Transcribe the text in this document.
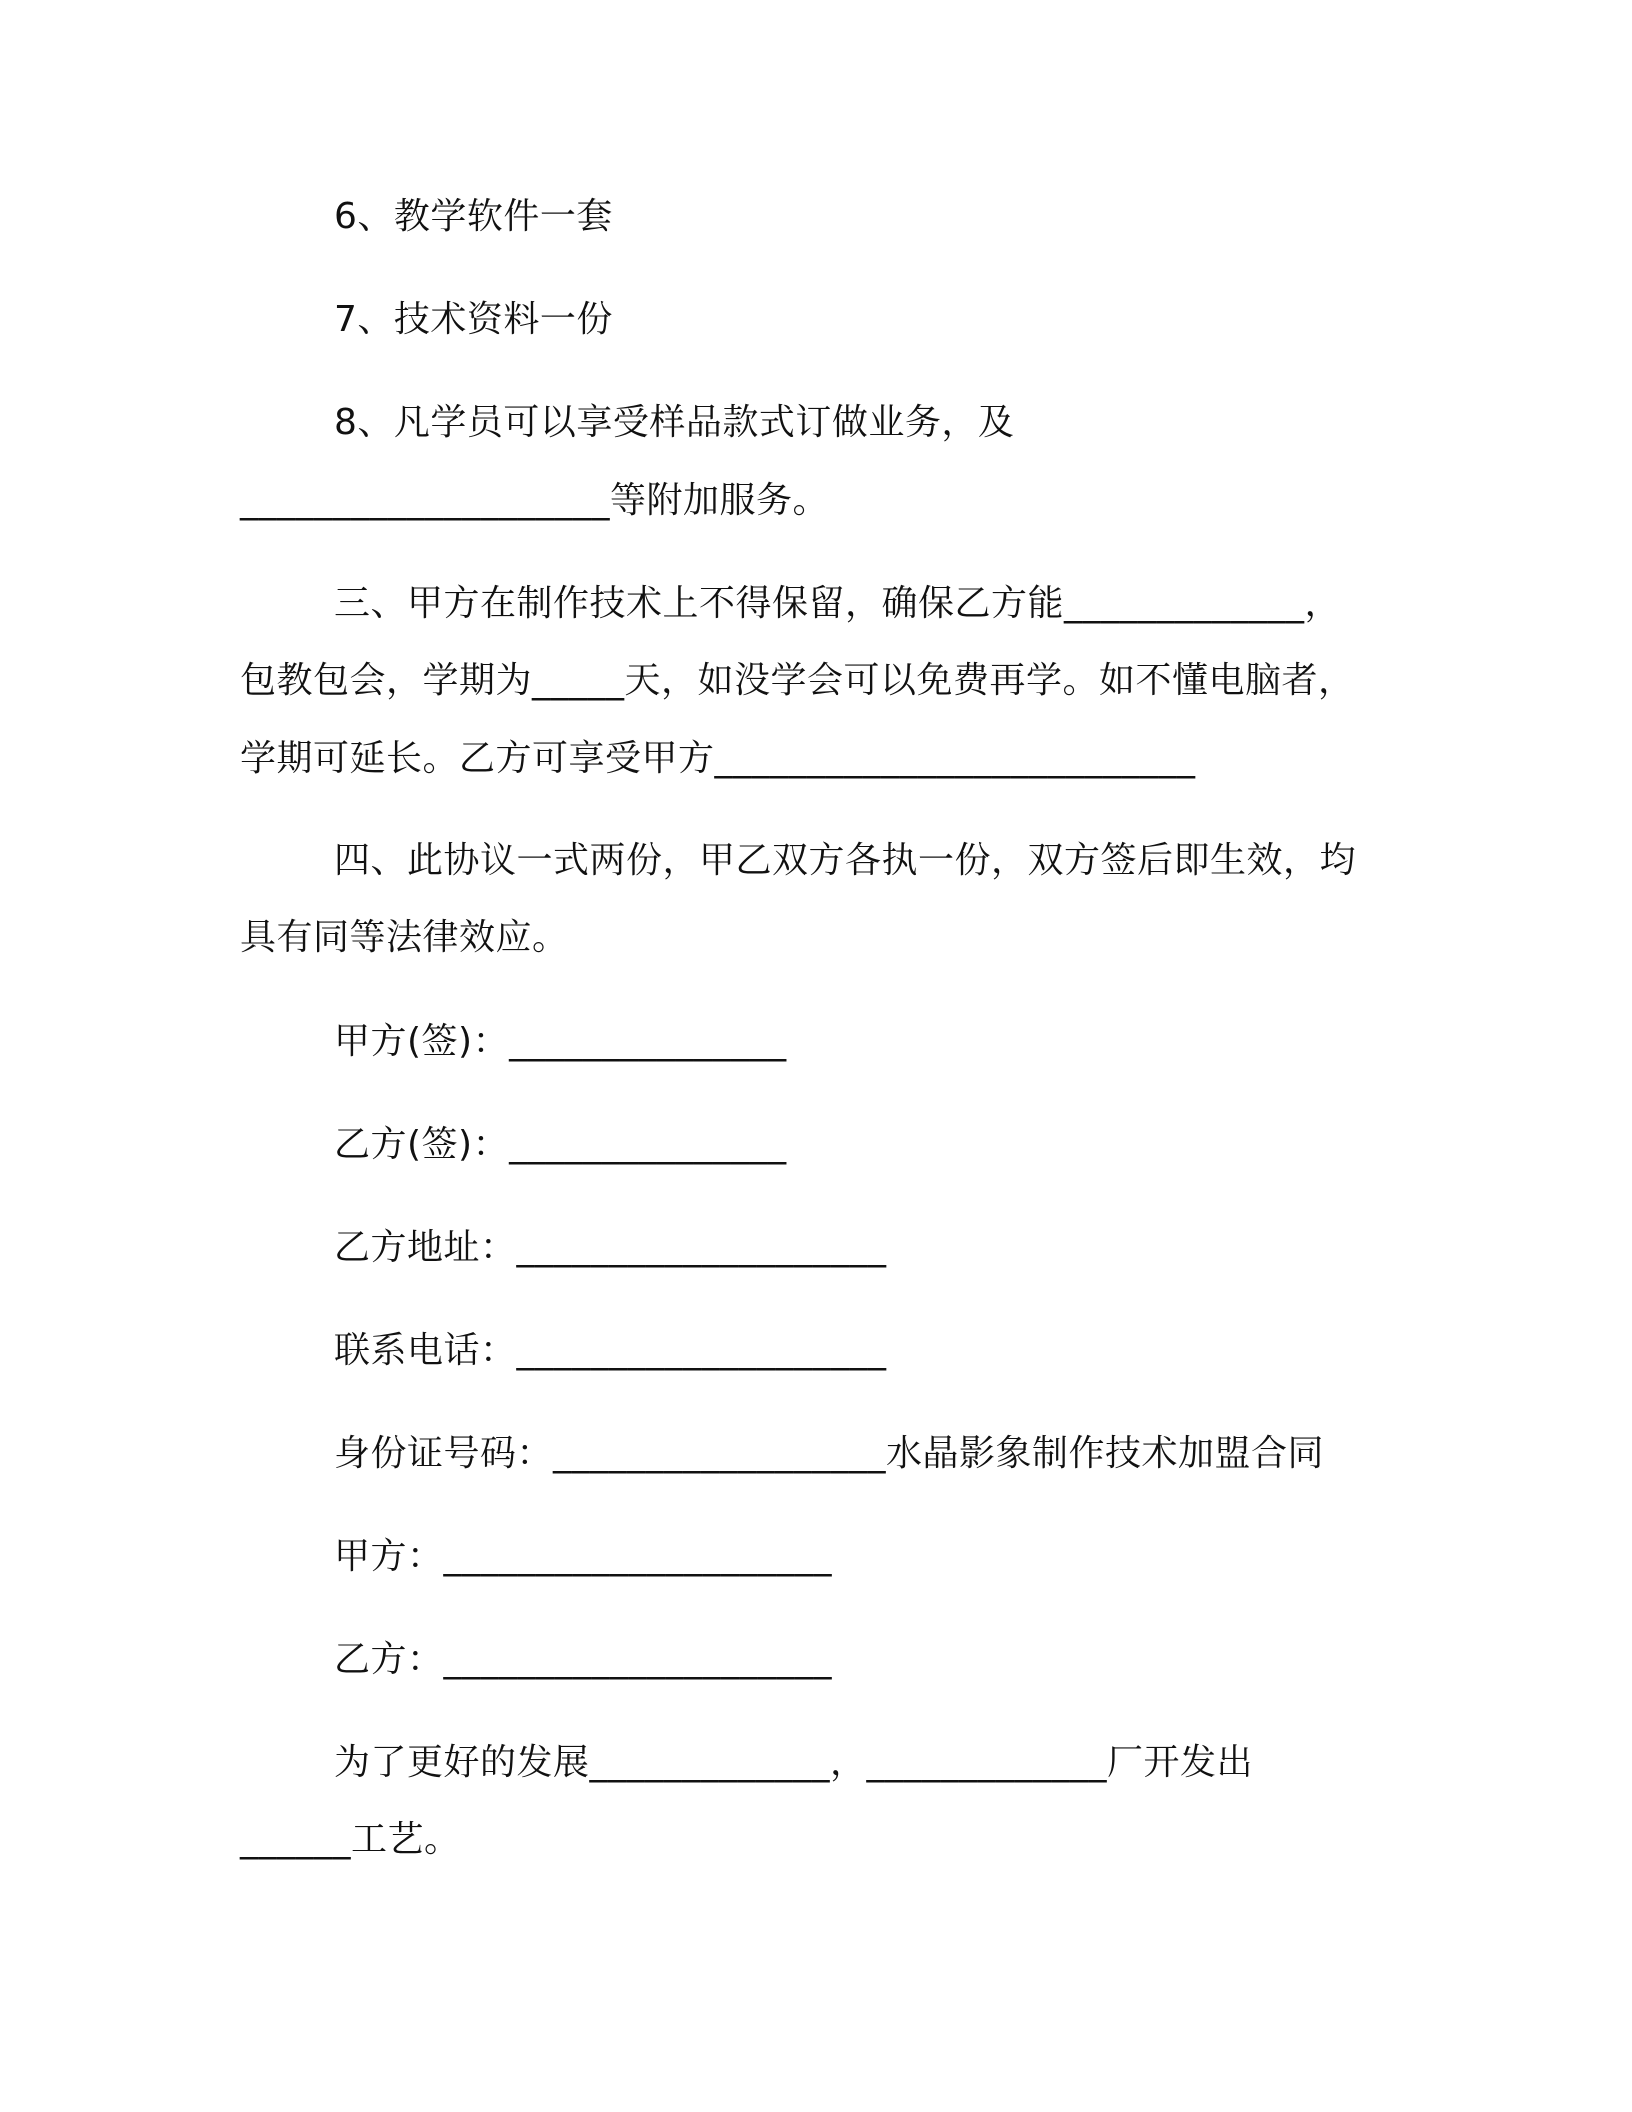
6、教学软件一套

7、技术资料一份

8、凡学员可以享受样品款式订做业务，及

____________________等附加服务。

三、甲方在制作技术上不得保留，确保乙方能_____________，

包教包会，学期为_____天，如没学会可以免费再学。如不懂电脑者，

学期可延长。乙方可享受甲方__________________________

四、此协议一式两份，甲乙双方各执一份，双方签后即生效，均

具有同等法律效应。

甲方(签)：_______________

乙方(签)：_______________

乙方地址：____________________

联系电话：____________________

身份证号码：__________________水晶影象制作技术加盟合同

甲方：_____________________

乙方：_____________________

为了更好的发展_____________，_____________厂开发出

______工艺。
